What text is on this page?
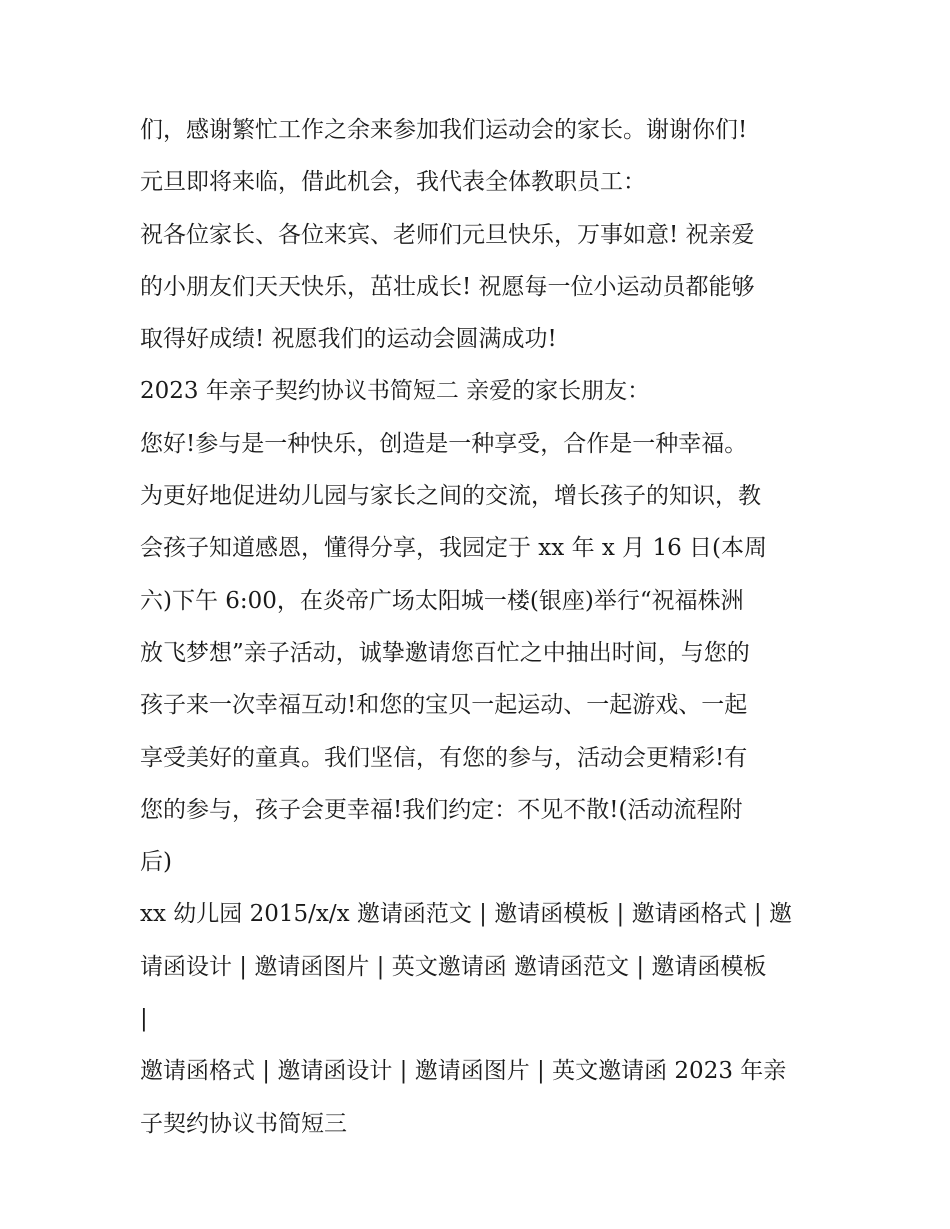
们，感谢繁忙工作之余来参加我们运动会的家长。谢谢你们!
元旦即将来临，借此机会，我代表全体教职员工：
祝各位家长、各位来宾、老师们元旦快乐，万事如意! 祝亲爱
的小朋友们天天快乐，茁壮成长! 祝愿每一位小运动员都能够
取得好成绩! 祝愿我们的运动会圆满成功!
2023 年亲子契约协议书简短二 亲爱的家长朋友：
您好!参与是一种快乐，创造是一种享受，合作是一种幸福。
为更好地促进幼儿园与家长之间的交流，增长孩子的知识，教
会孩子知道感恩，懂得分享，我园定于 xx 年 x 月 16 日(本周
六)下午 6:00，在炎帝广场太阳城一楼(银座)举行“祝福株洲
放飞梦想”亲子活动，诚挚邀请您百忙之中抽出时间，与您的
孩子来一次幸福互动!和您的宝贝一起运动、一起游戏、一起
享受美好的童真。我们坚信，有您的参与，活动会更精彩!有
您的参与，孩子会更幸福!我们约定：不见不散!(活动流程附
后)
xx 幼儿园 2015/x/x 邀请函范文 | 邀请函模板 | 邀请函格式 | 邀
请函设计 | 邀请函图片 | 英文邀请函 邀请函范文 | 邀请函模板
|
邀请函格式 | 邀请函设计 | 邀请函图片 | 英文邀请函 2023 年亲
子契约协议书简短三
